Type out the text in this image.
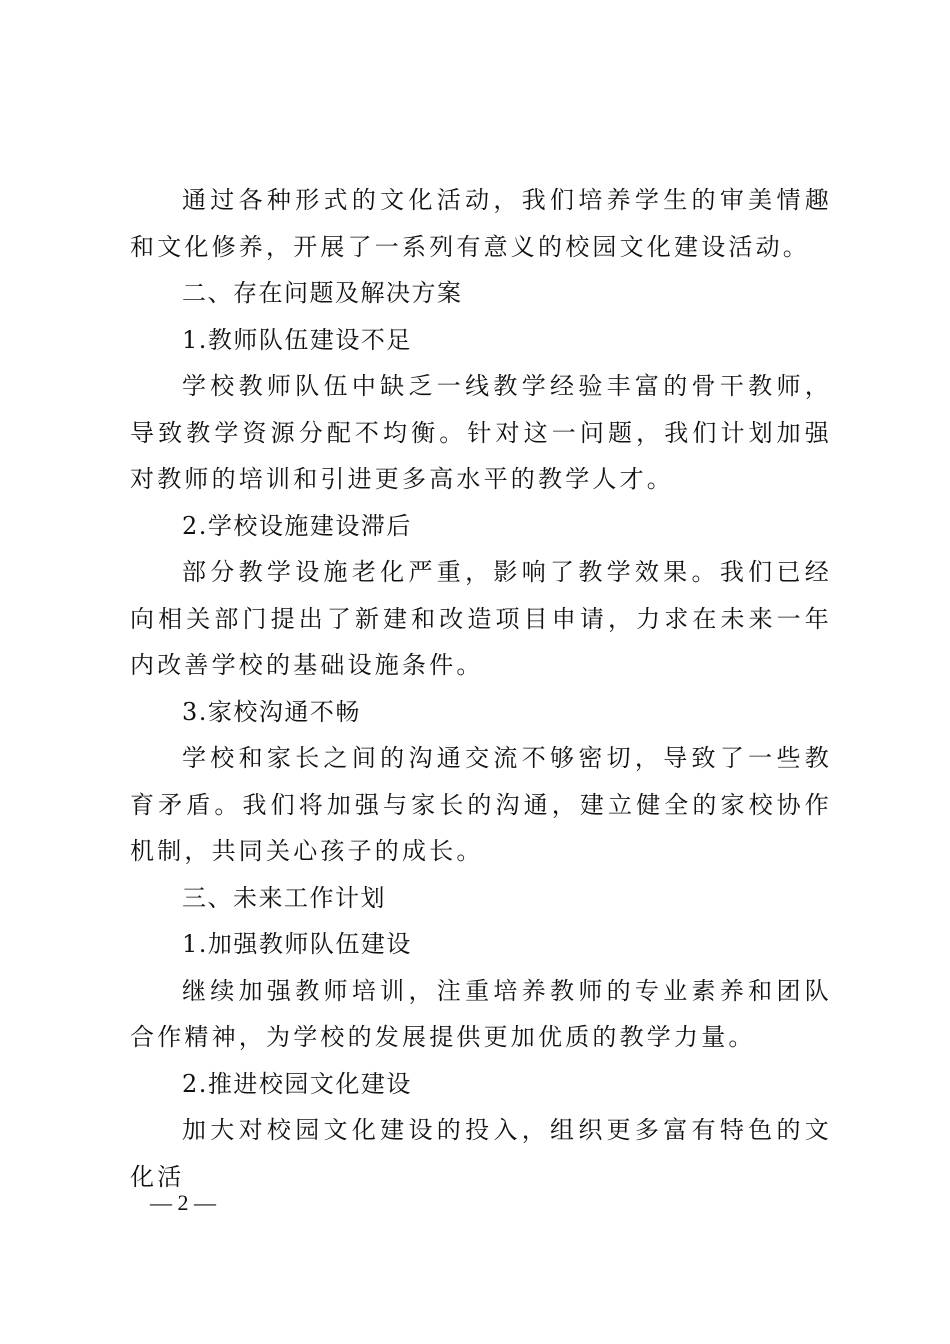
通过各种形式的文化活动，我们培养学生的审美情趣和文化修养，开展了一系列有意义的校园文化建设活动。

二、存在问题及解决方案

1.教师队伍建设不足

学校教师队伍中缺乏一线教学经验丰富的骨干教师，导致教学资源分配不均衡。针对这一问题，我们计划加强对教师的培训和引进更多高水平的教学人才。

2.学校设施建设滞后

部分教学设施老化严重，影响了教学效果。我们已经向相关部门提出了新建和改造项目申请，力求在未来一年内改善学校的基础设施条件。

3.家校沟通不畅

学校和家长之间的沟通交流不够密切，导致了一些教育矛盾。我们将加强与家长的沟通，建立健全的家校协作机制，共同关心孩子的成长。

三、未来工作计划

1.加强教师队伍建设

继续加强教师培训，注重培养教师的专业素养和团队合作精神，为学校的发展提供更加优质的教学力量。

2.推进校园文化建设

加大对校园文化建设的投入，组织更多富有特色的文化活

— 2 —
